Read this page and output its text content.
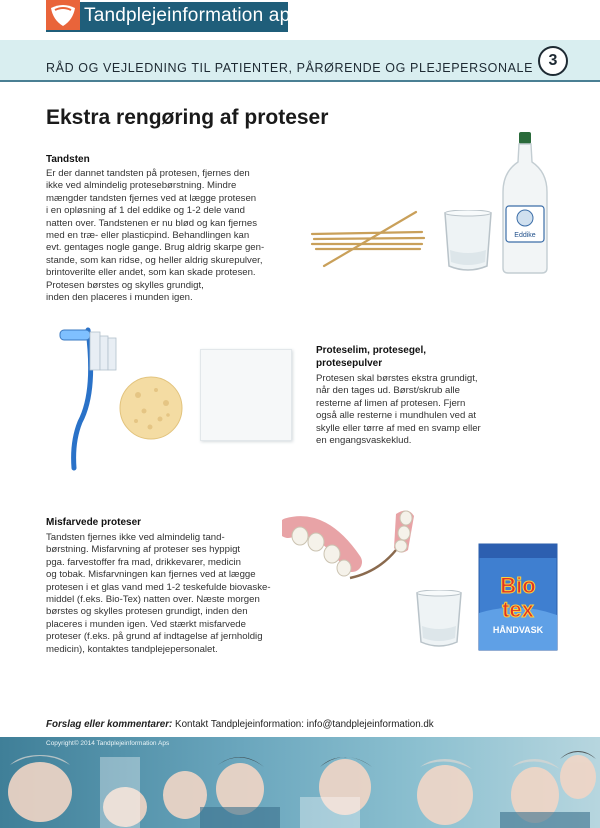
Tandplejeinformation aps.
RÅD OG VEJLEDNING TIL PATIENTER, PÅRØRENDE OG PLEJEPERSONALE 3
Ekstra rengøring af proteser
Tandsten
Er der dannet tandsten på protesen, fjernes den
ikke ved almindelig protesebørstning. Mindre
mængder tandsten fjernes ved at lægge protesen
i en opløsning af 1 del eddike og 1-2 dele vand
natten over. Tandstenen er nu blød og kan fjernes
med en træ- eller plasticpind. Behandlingen kan
evt. gentages nogle gange. Brug aldrig skarpe gen-
stande, som kan ridse, og heller aldrig skurepulver,
brintoverilte eller andet, som kan skade protesen.
Protesen børstes og skylles grundigt,
inden den placeres i munden igen.
Eddike
Proteselim, protesegel,
protesepulver
Protesen skal børstes ekstra grundigt,
når den tages ud. Børst/skrub alle
resterne af limen af protesen. Fjern
også alle resterne i mundhulen ved at
skylle eller tørre af med en svamp eller
en engangsvaskeklud.
Misfarvede proteser
Tandsten fjernes ikke ved almindelig tand-
børstning. Misfarvning af proteser ses hyppigt
pga. farvestoffer fra mad, drikkevarer, medicin
og tobak. Misfarvningen kan fjernes ved at lægge
protesen i et glas vand med 1-2 teskefulde biovaske-
middel (f.eks. Bio-Tex) natten over. Næste morgen
børstes og skylles protesen grundigt, inden den
placeres i munden igen. Ved stærkt misfarvede
proteser (f.eks. på grund af indtagelse af jernholdig
medicin), kontaktes tandplejepersonalet.
Bio
tex
HÅNDVASK
Forslag eller kommentarer: Kontakt Tandplejeinformation: info@tandplejeinformation.dk
Copyright© 2014 Tandplejeinformation Aps
